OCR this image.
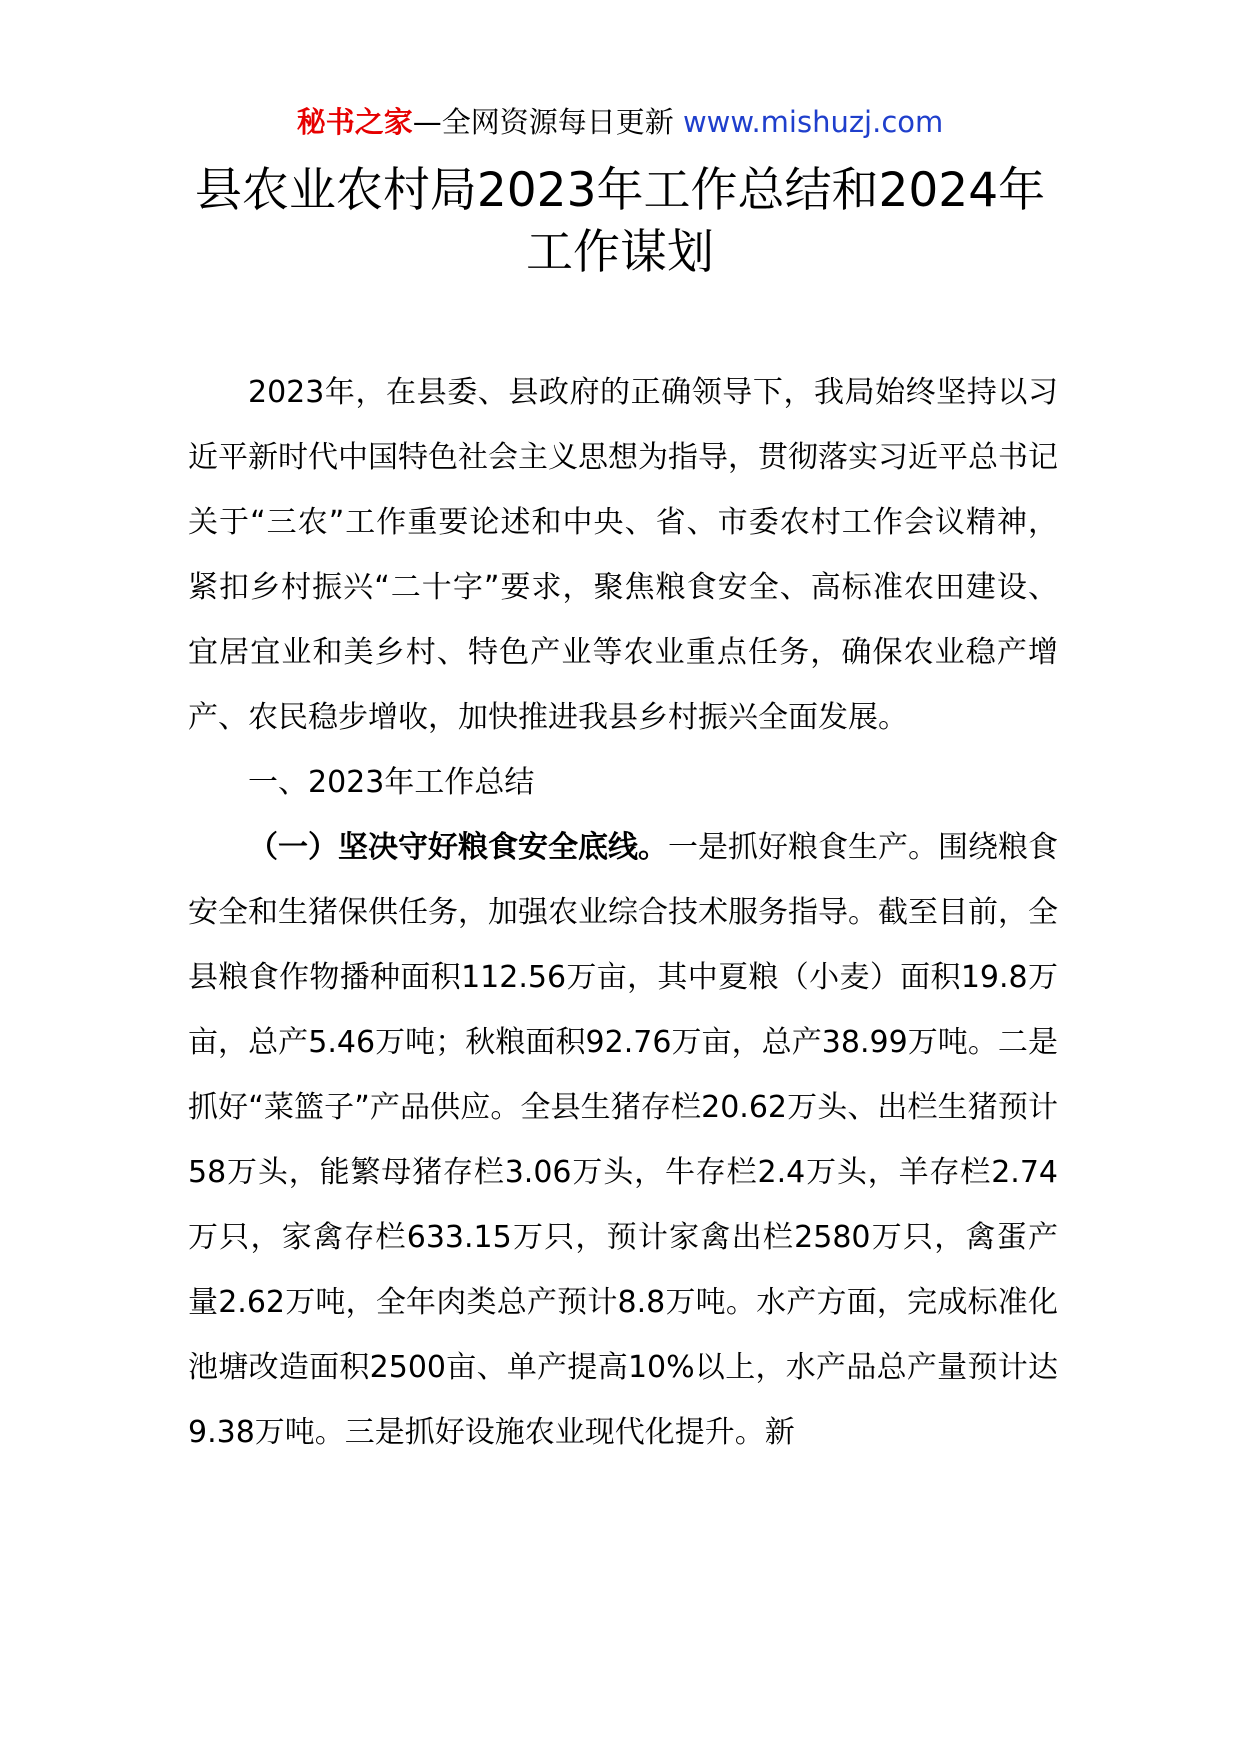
秘书之家—全网资源每日更新 www.mishuzj.com
县农业农村局2023年工作总结和2024年
工作谋划

2023年，在县委、县政府的正确领导下，我局始终坚持以习近平新时代中国特色社会主义思想为指导，贯彻落实习近平总书记关于“三农”工作重要论述和中央、省、市委农村工作会议精神，紧扣乡村振兴“二十字”要求，聚焦粮食安全、高标准农田建设、宜居宜业和美乡村、特色产业等农业重点任务，确保农业稳产增产、农民稳步增收，加快推进我县乡村振兴全面发展。

一、2023年工作总结

（一）坚决守好粮食安全底线。一是抓好粮食生产。围绕粮食安全和生猪保供任务，加强农业综合技术服务指导。截至目前，全县粮食作物播种面积112.56万亩，其中夏粮（小麦）面积19.8万亩，总产5.46万吨；秋粮面积92.76万亩，总产38.99万吨。二是抓好“菜篮子”产品供应。全县生猪存栏20.62万头、出栏生猪预计58万头，能繁母猪存栏3.06万头，牛存栏2.4万头，羊存栏2.74万只，家禽存栏633.15万只，预计家禽出栏2580万只，禽蛋产量2.62万吨，全年肉类总产预计8.8万吨。水产方面，完成标准化池塘改造面积2500亩、单产提高10%以上，水产品总产量预计达9.38万吨。三是抓好设施农业现代化提升。新
